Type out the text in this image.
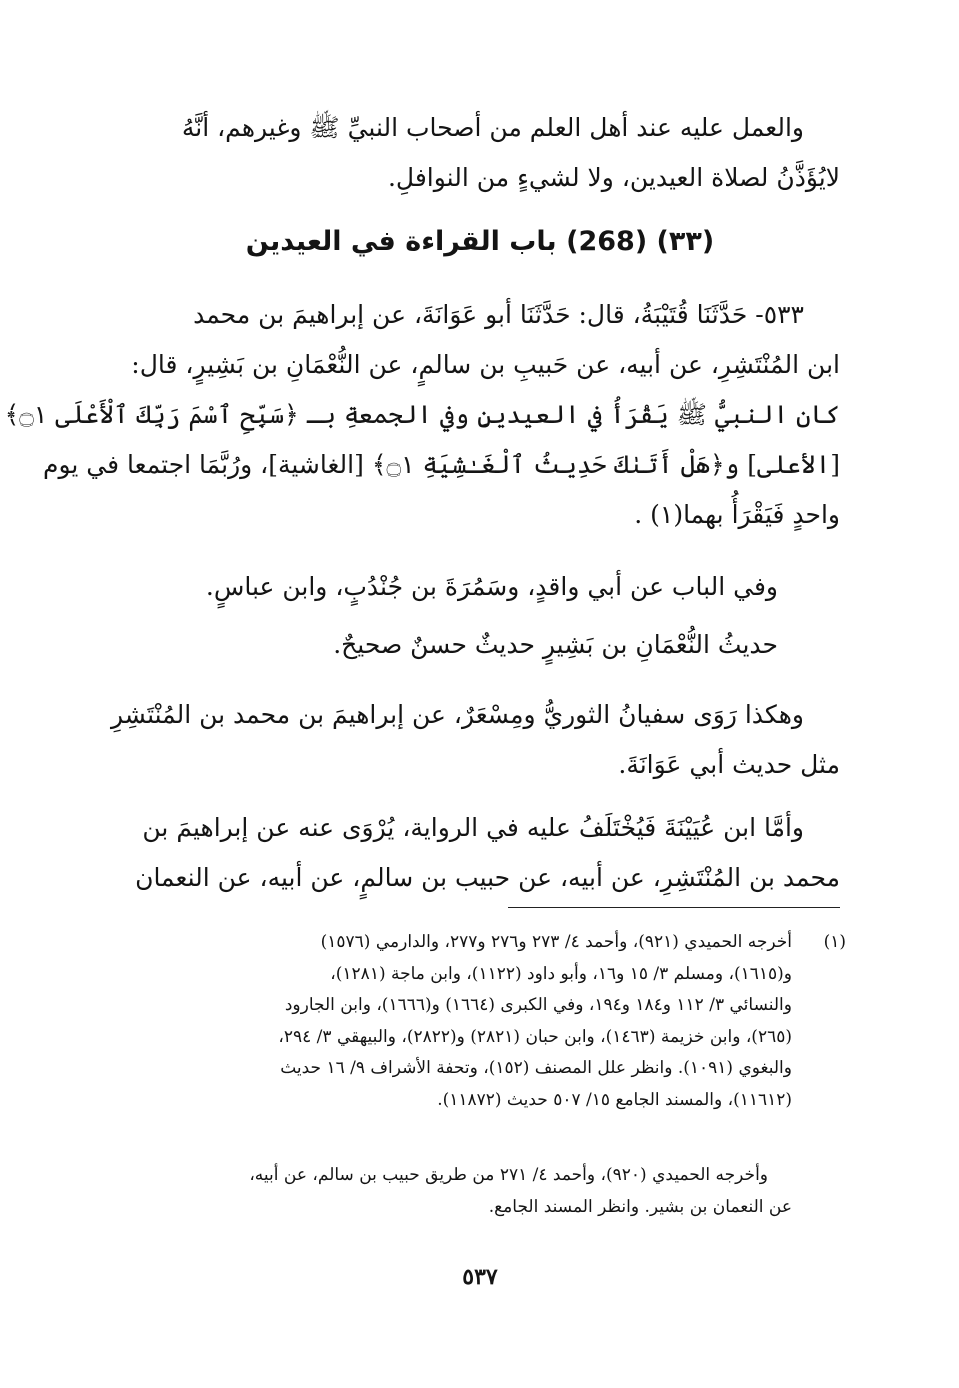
والعمل عليه عند أهل العلم من أصحاب النبيِّ ﷺ وغيرهم، أنَّهُ
لايُؤَذَّنُ لصلاة العيدين، ولا لشيءٍ من النوافلِ.
(٣٣) (268) باب القراءة في العيدين
٥٣٣- حَدَّثَنَا قُتَيْبَةُ، قال: حَدَّثَنَا أبو عَوَانَةَ، عن إبراهيمَ بن محمد
ابن المُنْتَشِرِ، عن أبيه، عن حَبيبِ بن سالمٍ، عن النُّعْمَانِ بن بَشِيرٍ، قال:
كان النبيُّ ﷺ يَقْرَأُ في العيدينِ وفي الجمعةِ بـ ﴿سَبِّحِ ٱسْمَ رَبِّكَ ٱلْأَعْلَى ۝١﴾
[الأعلى] و﴿هَلْ أَتَىٰكَ حَدِيثُ ٱلْغَـٰشِيَةِ ۝١﴾ [الغاشية]، ورُبَّمَا اجتمعا في يوم
واحدٍ فَيَقْرَأُ بهما(١) .
وفي الباب عن أبي واقدٍ، وسَمُرَةَ بن جُنْدُبٍ، وابن عباسٍ.
حديثُ النُّعْمَانِ بن بَشِيرٍ حديثٌ حسنٌ صحيحٌ.
وهكذا رَوَى سفيانُ الثوريُّ ومِسْعَرٌ، عن إبراهيمَ بن محمد بن المُنْتَشِرِ
مثل حديث أبي عَوَانَةَ.
وأمَّا ابن عُيَيْنَةَ فَيُخْتَلَفُ عليه في الرواية، يُرْوَى عنه عن إبراهيمَ بن
محمد بن المُنْتَشِرِ، عن أبيه، عن حبيب بن سالمٍ، عن أبيه، عن النعمان
(١)
أخرجه الحميدي (٩٢١)، وأحمد ٤/ ٢٧٣ و٢٧٦ و٢٧٧، والدارمي (١٥٧٦)
و(١٦١٥)، ومسلم ٣/ ١٥ و١٦، وأبو داود (١١٢٢)، وابن ماجة (١٢٨١)،
والنسائي ٣/ ١١٢ و١٨٤ و١٩٤، وفي الكبرى (١٦٦٤) و(١٦٦٦)، وابن الجارود
(٢٦٥)، وابن خزيمة (١٤٦٣)، وابن حبان (٢٨٢١) و(٢٨٢٢)، والبيهقي ٣/ ٢٩٤،
والبغوي (١٠٩١). وانظر علل المصنف (١٥٢)، وتحفة الأشراف ٩/ ١٦ حديث
(١١٦١٢)، والمسند الجامع ١٥/ ٥٠٧ حديث (١١٨٧٢).
وأخرجه الحميدي (٩٢٠)، وأحمد ٤/ ٢٧١ من طريق حبيب بن سالم، عن أبيه،
عن النعمان بن بشير. وانظر المسند الجامع.
٥٣٧
